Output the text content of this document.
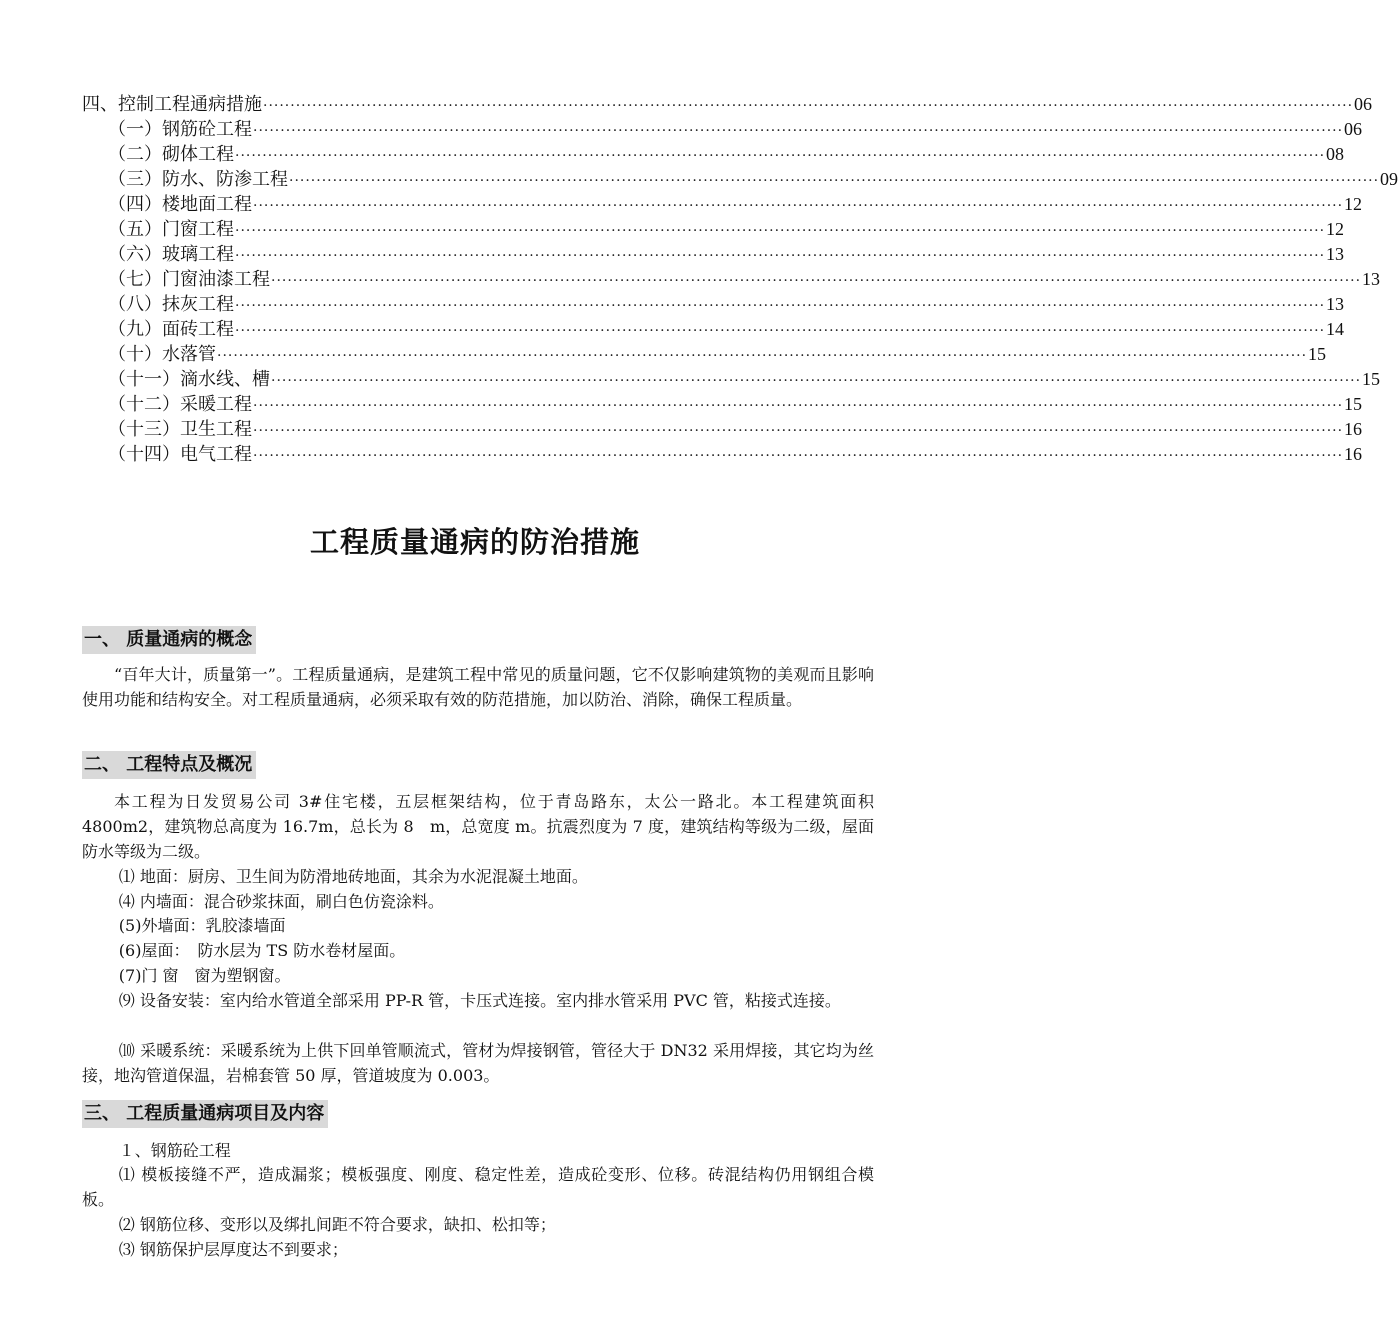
四、控制工程通病措施 ········································································································································································································ 06
（一）钢筋砼工程 ········································································································································································································ 06
（二）砌体工程 ········································································································································································································ 08
（三）防水、防渗工程 ········································································································································································································ 09
（四）楼地面工程 ········································································································································································································ 12
（五）门窗工程 ········································································································································································································ 12
（六）玻璃工程 ········································································································································································································ 13
（七）门窗油漆工程 ········································································································································································································ 13
（八）抹灰工程 ········································································································································································································ 13
（九）面砖工程 ········································································································································································································ 14
（十）水落管 ········································································································································································································ 15
（十一）滴水线、槽 ········································································································································································································ 15
（十二）采暖工程 ········································································································································································································ 15
（十三）卫生工程 ········································································································································································································ 16
（十四）电气工程 ········································································································································································································ 16
工程质量通病的防治措施
一、 质量通病的概念
“百年大计，质量第一”。工程质量通病，是建筑工程中常见的质量问题，它不仅影响建筑物的美观而且影响使用功能和结构安全。对工程质量通病，必须采取有效的防范措施，加以防治、消除，确保工程质量。
二、 工程特点及概况
本工程为日发贸易公司 3#住宅楼，五层框架结构，位于青岛路东，太公一路北。本工程建筑面积 4800m2，建筑物总高度为 16.7m，总长为 8　m，总宽度 m。抗震烈度为 7 度，建筑结构等级为二级，屋面防水等级为二级。
⑴ 地面：厨房、卫生间为防滑地砖地面，其余为水泥混凝土地面。
⑷ 内墙面：混合砂浆抹面，刷白色仿瓷涂料。
(5)外墙面：乳胶漆墙面
(6)屋面：　防水层为 TS 防水卷材屋面。
(7)门 窗　窗为塑钢窗。
⑼ 设备安装：室内给水管道全部采用 PP-R 管，卡压式连接。室内排水管采用 PVC 管，粘接式连接。
⑽ 采暖系统：采暖系统为上供下回单管顺流式，管材为焊接钢管，管径大于 DN32 采用焊接，其它均为丝接，地沟管道保温，岩棉套管 50 厚，管道坡度为 0.003。
三、 工程质量通病项目及内容
１、钢筋砼工程
⑴ 模板接缝不严，造成漏浆；模板强度、刚度、稳定性差，造成砼变形、位移。砖混结构仍用钢组合模板。
⑵ 钢筋位移、变形以及绑扎间距不符合要求，缺扣、松扣等；
⑶ 钢筋保护层厚度达不到要求；
